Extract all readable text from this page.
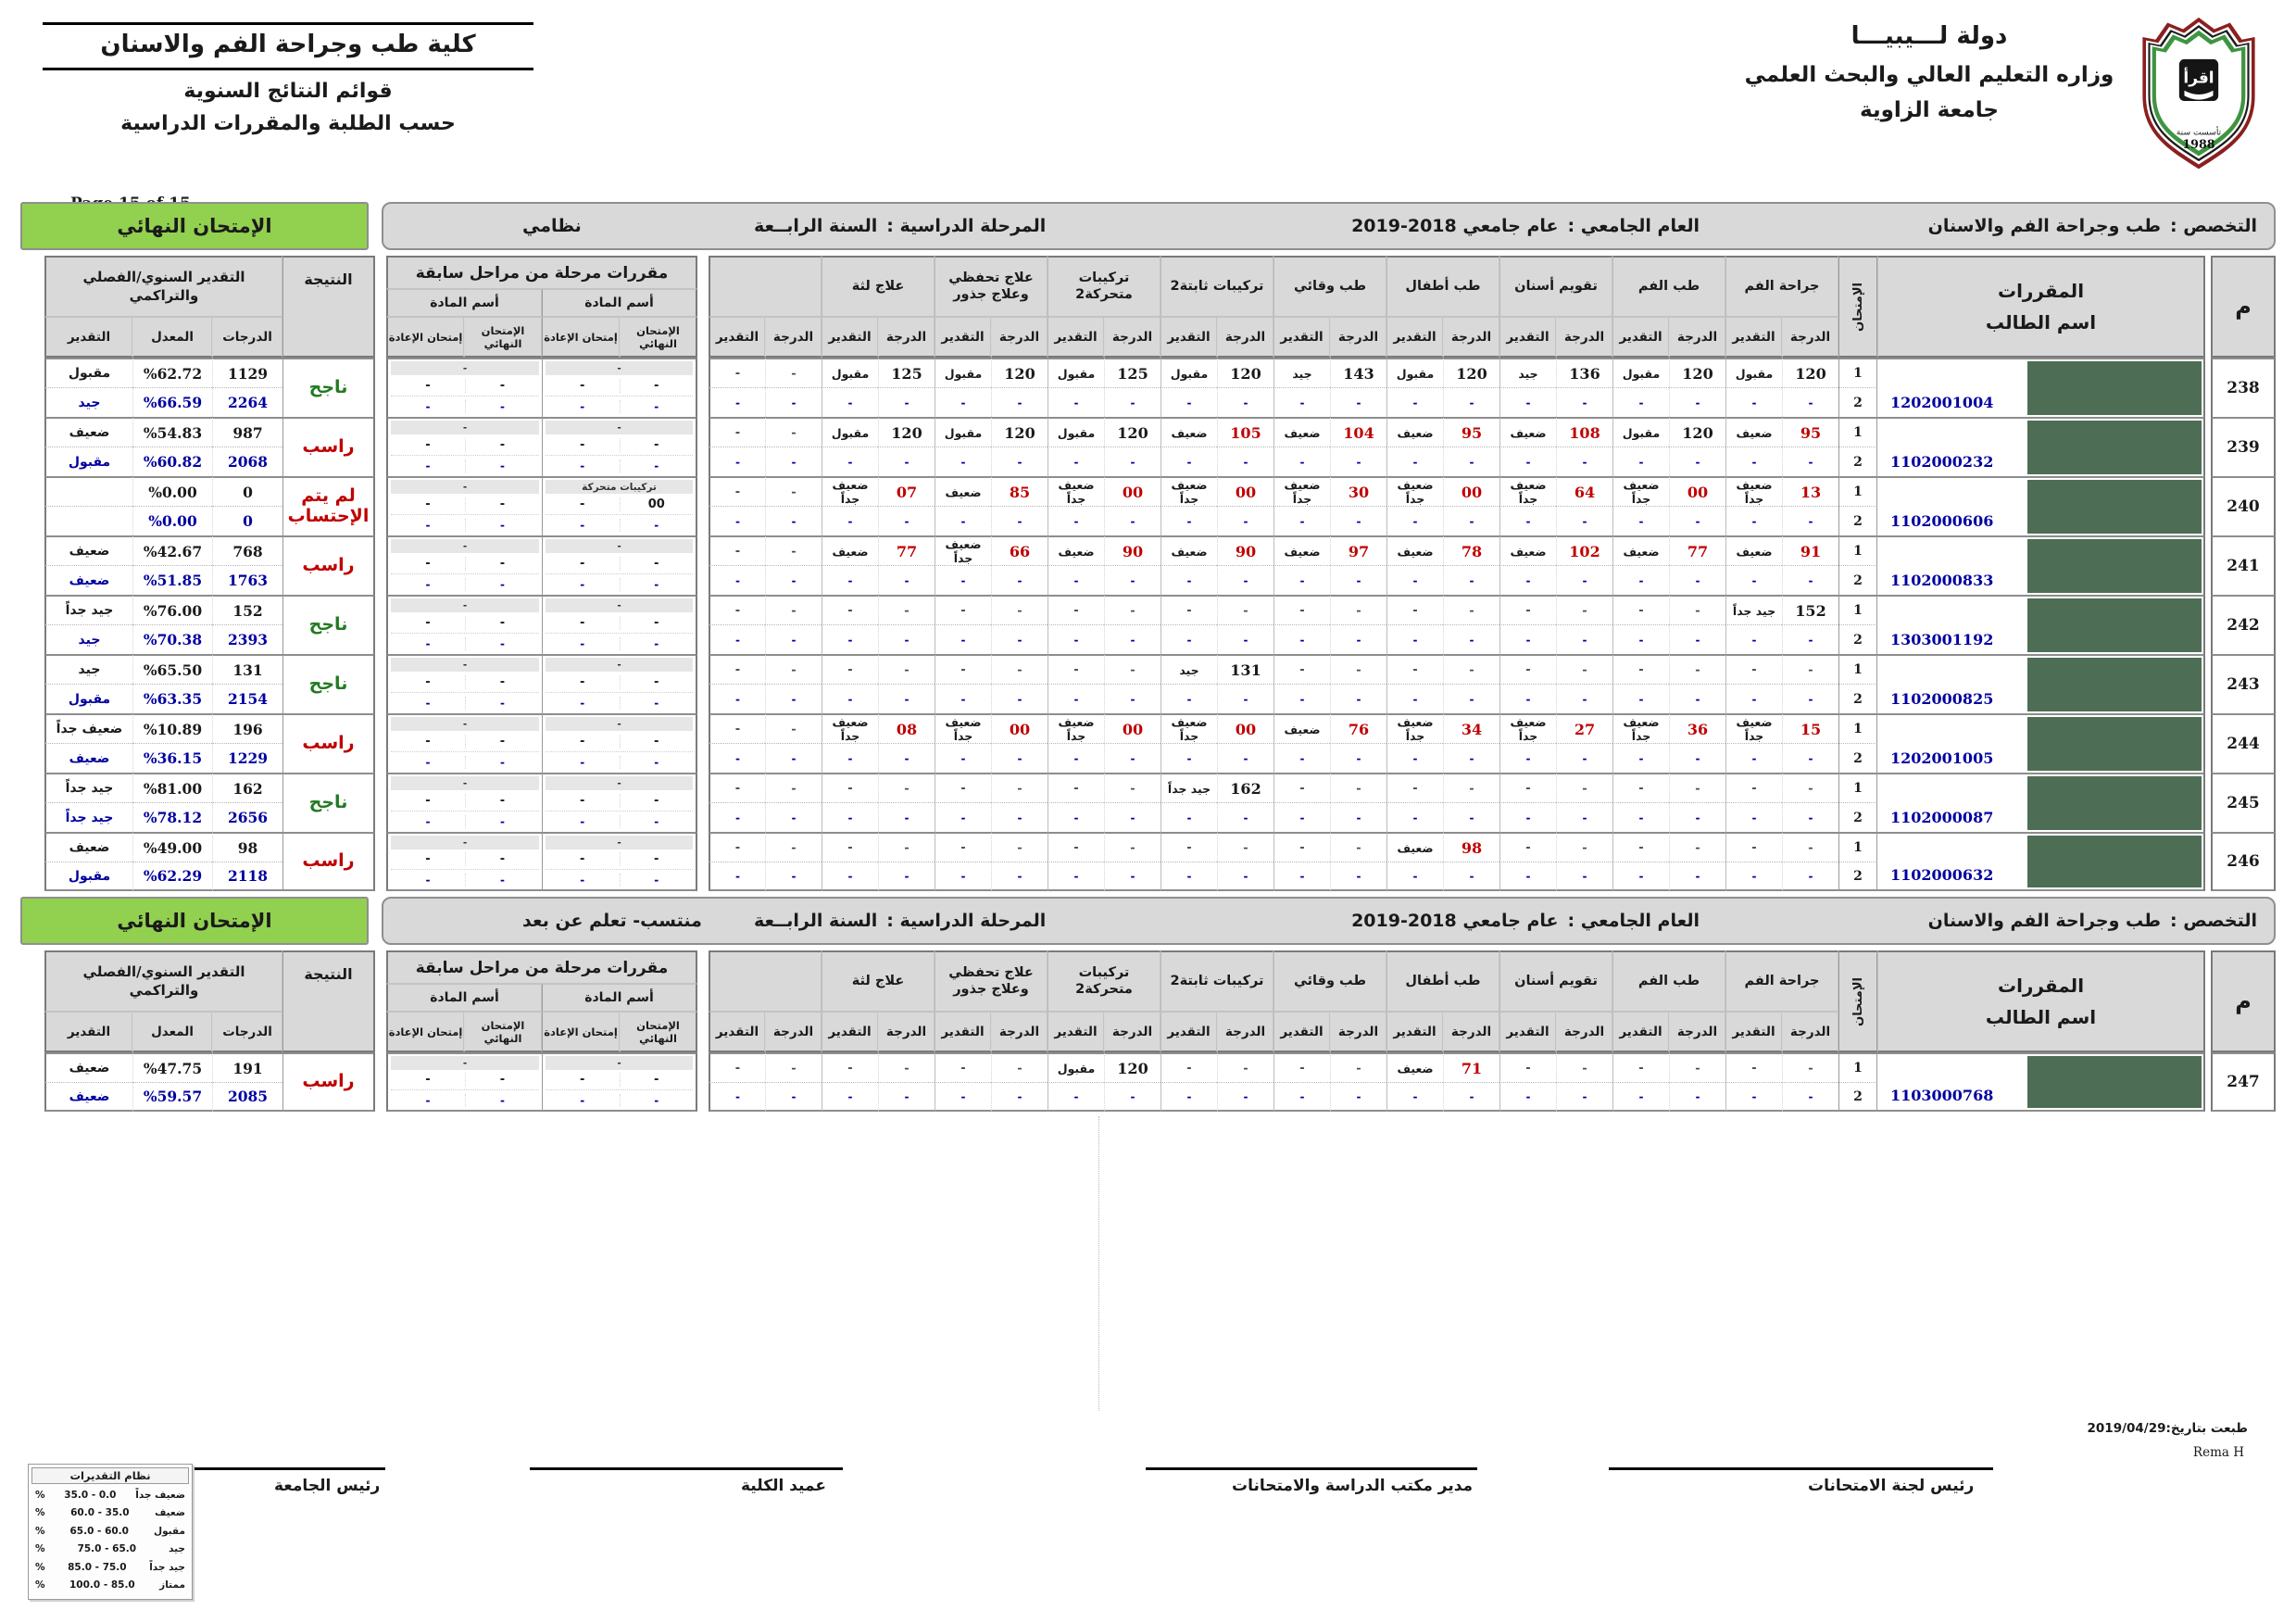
دولة لـــيبيـــا
وزاره التعليم العالي والبحث العلمي
جامعة الزاوية
اقرأ
تأسست سنة
1988
كلية طب وجراحة الفم والاسنان
قوائم النتائج السنوية
حسب الطلبة والمقررات الدراسية
التخصص :
طب وجراحة الفم والاسنان
العام الجامعي :
عام جامعي 2018-2019
المرحلة الدراسية :
السنة الرابــعة
نظامي
الإمتحان النهائي
م
المقررات
اسم الطالب
الإمتحان
جراحة الفم
الدرجة
التقدير
طب الفم
الدرجة
التقدير
تقويم أسنان
الدرجة
التقدير
طب أطفال
الدرجة
التقدير
طب وقائي
الدرجة
التقدير
تركيبات ثابتة2
الدرجة
التقدير
تركيبات متحركة2
الدرجة
التقدير
علاج تحفظي وعلاج جذور
الدرجة
التقدير
علاج لثة
الدرجة
التقدير
الدرجة
التقدير
مقررات مرحلة من مراحل سابقة
أسم المادة
أسم المادة
الإمتحان النهائي
إمتحان الإعادة
الإمتحان النهائي
إمتحان الإعادة
النتيجة
التقدير السنوي/الفصلي
والتراكمي
الدرجات
المعدل
التقدير
238
1202001004
1
2
120
مقبول
-
-
120
مقبول
-
-
136
جيد
-
-
120
مقبول
-
-
143
جيد
-
-
120
مقبول
-
-
125
مقبول
-
-
120
مقبول
-
-
125
مقبول
-
-
-
-
-
-
-
-
-
-
-
-
-
-
-
-
ناجح
1129
%62.72
مقبول
2264
%66.59
جيد
239
1102000232
1
2
95
ضعيف
-
-
120
مقبول
-
-
108
ضعيف
-
-
95
ضعيف
-
-
104
ضعيف
-
-
105
ضعيف
-
-
120
مقبول
-
-
120
مقبول
-
-
120
مقبول
-
-
-
-
-
-
-
-
-
-
-
-
-
-
-
-
راسب
987
%54.83
ضعيف
2068
%60.82
مقبول
240
1102000606
1
2
13
ضعيف جداً
-
-
00
ضعيف جداً
-
-
64
ضعيف جداً
-
-
00
ضعيف جداً
-
-
30
ضعيف جداً
-
-
00
ضعيف جداً
-
-
00
ضعيف جداً
-
-
85
ضعيف
-
-
07
ضعيف جداً
-
-
-
-
-
-
تركيبات متحركة
00
-
-
-
-
-
-
-
-
لم يتم الإحتساب
0
%0.00
0
%0.00
241
1102000833
1
2
91
ضعيف
-
-
77
ضعيف
-
-
102
ضعيف
-
-
78
ضعيف
-
-
97
ضعيف
-
-
90
ضعيف
-
-
90
ضعيف
-
-
66
ضعيف جداً
-
-
77
ضعيف
-
-
-
-
-
-
-
-
-
-
-
-
-
-
-
-
راسب
768
%42.67
ضعيف
1763
%51.85
ضعيف
242
1303001192
1
2
152
جيد جداً
-
-
-
-
-
-
-
-
-
-
-
-
-
-
-
-
-
-
-
-
-
-
-
-
-
-
-
-
-
-
-
-
-
-
-
-
-
-
-
-
-
-
-
-
-
-
-
-
ناجح
152
%76.00
جيد جداً
2393
%70.38
جيد
243
1102000825
1
2
-
-
-
-
-
-
-
-
-
-
-
-
-
-
-
-
-
-
-
-
131
جيد
-
-
-
-
-
-
-
-
-
-
-
-
-
-
-
-
-
-
-
-
-
-
-
-
-
-
-
-
ناجح
131
%65.50
جيد
2154
%63.35
مقبول
244
1202001005
1
2
15
ضعيف جداً
-
-
36
ضعيف جداً
-
-
27
ضعيف جداً
-
-
34
ضعيف جداً
-
-
76
ضعيف
-
-
00
ضعيف جداً
-
-
00
ضعيف جداً
-
-
00
ضعيف جداً
-
-
08
ضعيف جداً
-
-
-
-
-
-
-
-
-
-
-
-
-
-
-
-
راسب
196
%10.89
ضعيف جداً
1229
%36.15
ضعيف
245
1102000087
1
2
-
-
-
-
-
-
-
-
-
-
-
-
-
-
-
-
-
-
-
-
162
جيد جداً
-
-
-
-
-
-
-
-
-
-
-
-
-
-
-
-
-
-
-
-
-
-
-
-
-
-
-
-
ناجح
162
%81.00
جيد جداً
2656
%78.12
جيد جداً
246
1102000632
1
2
-
-
-
-
-
-
-
-
-
-
-
-
98
ضعيف
-
-
-
-
-
-
-
-
-
-
-
-
-
-
-
-
-
-
-
-
-
-
-
-
-
-
-
-
-
-
-
-
-
-
-
-
راسب
98
%49.00
ضعيف
2118
%62.29
مقبول
التخصص :
طب وجراحة الفم والاسنان
العام الجامعي :
عام جامعي 2018-2019
المرحلة الدراسية :
السنة الرابــعة
منتسب- تعلم عن بعد
الإمتحان النهائي
م
المقررات
اسم الطالب
الإمتحان
جراحة الفم
الدرجة
التقدير
طب الفم
الدرجة
التقدير
تقويم أسنان
الدرجة
التقدير
طب أطفال
الدرجة
التقدير
طب وقائي
الدرجة
التقدير
تركيبات ثابتة2
الدرجة
التقدير
تركيبات متحركة2
الدرجة
التقدير
علاج تحفظي وعلاج جذور
الدرجة
التقدير
علاج لثة
الدرجة
التقدير
الدرجة
التقدير
مقررات مرحلة من مراحل سابقة
أسم المادة
أسم المادة
الإمتحان النهائي
إمتحان الإعادة
الإمتحان النهائي
إمتحان الإعادة
النتيجة
التقدير السنوي/الفصلي
والتراكمي
الدرجات
المعدل
التقدير
247
1103000768
1
2
-
-
-
-
-
-
-
-
-
-
-
-
71
ضعيف
-
-
-
-
-
-
-
-
-
-
120
مقبول
-
-
-
-
-
-
-
-
-
-
-
-
-
-
-
-
-
-
-
-
-
-
-
-
راسب
191
%47.75
ضعيف
2085
%59.57
ضعيف
طبعت بتاريخ:2019/04/29
Rema H
رئيس لجنة الامتحانات
مدير مكتب الدراسة والامتحانات
عميد الكلية
رئيس الجامعة
نظام التقديرات
ضعيف جداً
35.0 - 0.0
%
ضعيف
60.0 - 35.0
%
مقبول
65.0 - 60.0
%
جيد
75.0 - 65.0
%
جيد جداً
85.0 - 75.0
%
ممتاز
100.0 - 85.0
%
